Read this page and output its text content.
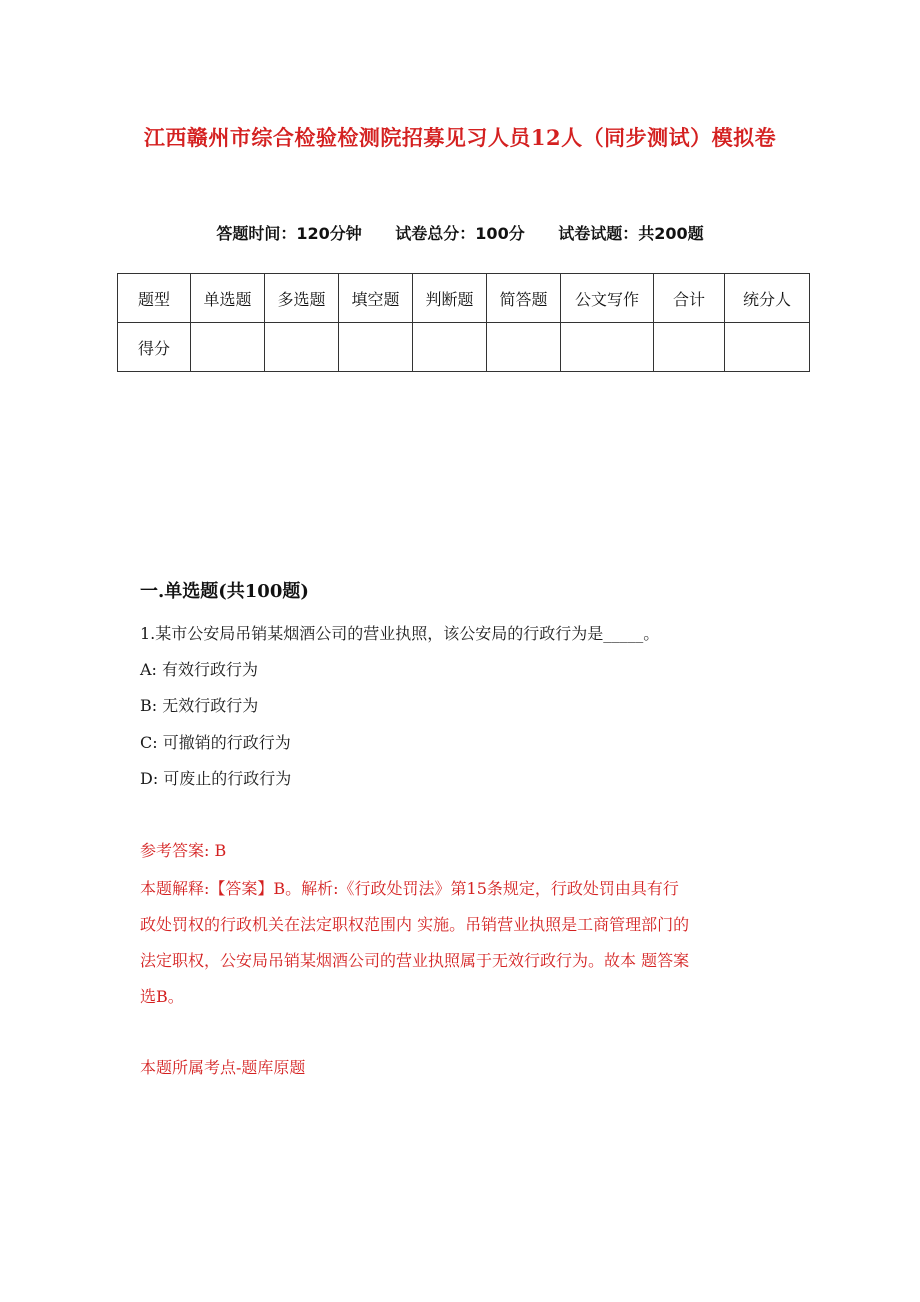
江西赣州市综合检验检测院招募见习人员12人（同步测试）模拟卷
答题时间：120分钟 试卷总分：100分 试卷试题：共200题
题型	单选题	多选题	填空题	判断题	简答题	公文写作	合计	统分人
得分								
一.单选题(共100题)
1.某市公安局吊销某烟酒公司的营业执照，该公安局的行政行为是_____。
A: 有效行政行为
B: 无效行政行为
C: 可撤销的行政行为
D: 可废止的行政行为
参考答案: B
本题解释:【答案】B。解析:《行政处罚法》第15条规定，行政处罚由具有行
政处罚权的行政机关在法定职权范围内 实施。吊销营业执照是工商管理部门的
法定职权，公安局吊销某烟酒公司的营业执照属于无效行政行为。故本 题答案
选B。
本题所属考点-题库原题
